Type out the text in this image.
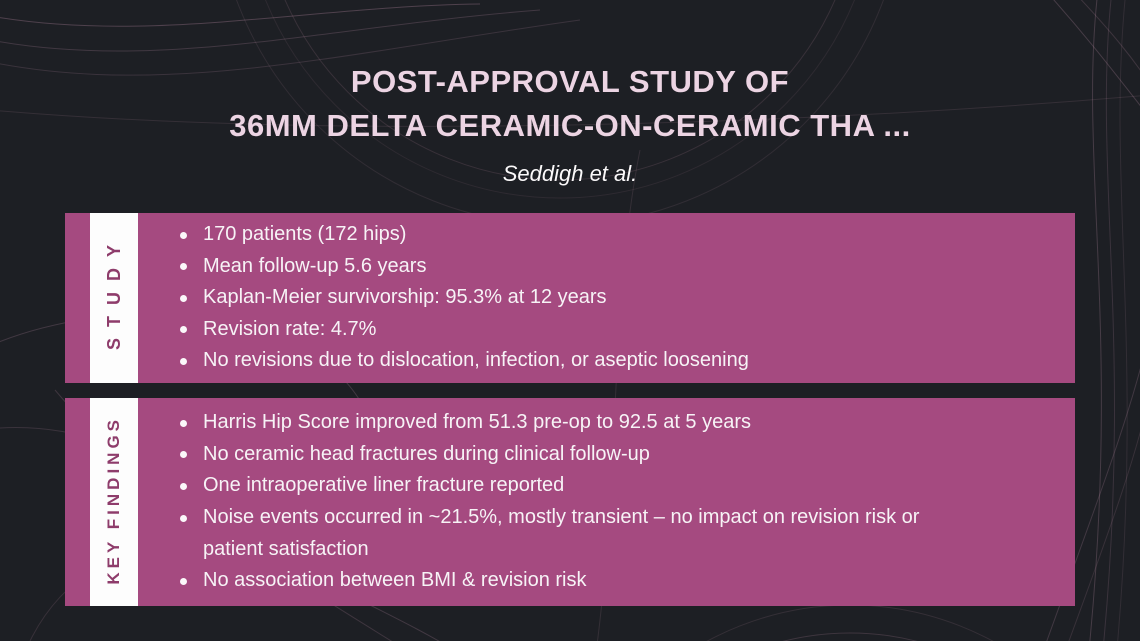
POST-APPROVAL STUDY OF
36MM DELTA CERAMIC-ON-CERAMIC THA ...
Seddigh et al.
STUDY
170 patients (172 hips)
Mean follow-up 5.6 years
Kaplan-Meier survivorship: 95.3% at 12 years
Revision rate: 4.7%
No revisions due to dislocation, infection, or aseptic loosening
KEY FINDINGS	Harris Hip Score improved from 51.3 pre-op to 92.5 at 5 years
No ceramic head fractures during clinical follow-up
One intraoperative liner fracture reported
Noise events occurred in ~21.5%, mostly transient – no impact on revision risk or patient satisfaction
No association between BMI & revision risk
